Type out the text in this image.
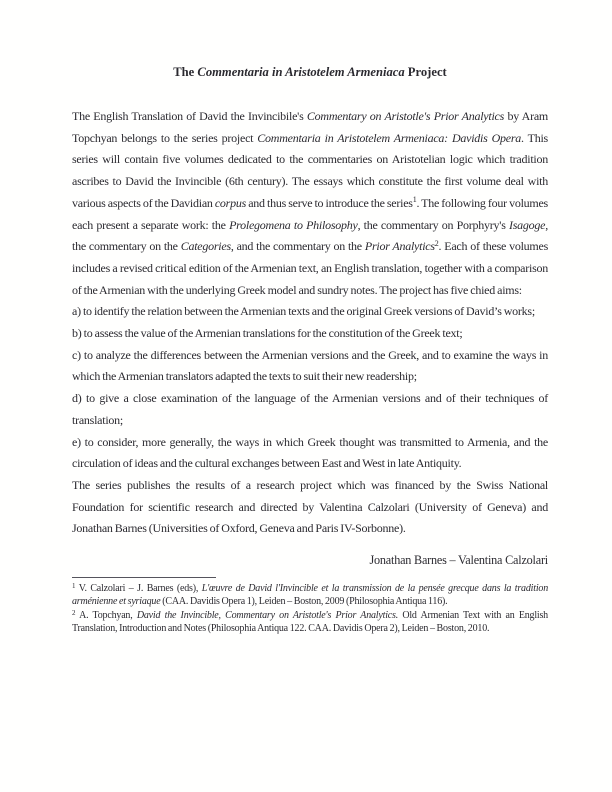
The Commentaria in Aristotelem Armeniaca Project

The English Translation of David the Invincibile's Commentary on Aristotle's Prior Analytics by Aram Topchyan belongs to the series project Commentaria in Aristotelem Armeniaca: Davidis Opera. This series will contain five volumes dedicated to the commentaries on Aristotelian logic which tradition ascribes to David the Invincible (6th century). The essays which constitute the first volume deal with various aspects of the Davidian corpus and thus serve to introduce the series$^1$. The following four volumes each present a separate work: the Prolegomena to Philosophy, the commentary on Porphyry's Isagoge, the commentary on the Categories, and the commentary on the Prior Analytics$^2$. Each of these volumes includes a revised critical edition of the Armenian text, an English translation, together with a comparison of the Armenian with the underlying Greek model and sundry notes. The project has five chied aims:

a) to identify the relation between the Armenian texts and the original Greek versions of David’s works;

b) to assess the value of the Armenian translations for the constitution of the Greek text;

c) to analyze the differences between the Armenian versions and the Greek, and to examine the ways in which the Armenian translators adapted the texts to suit their new readership;

d) to give a close examination of the language of the Armenian versions and of their techniques of translation;

e) to consider, more generally, the ways in which Greek thought was transmitted to Armenia, and the circulation of ideas and the cultural exchanges between East and West in late Antiquity.

The series publishes the results of a research project which was financed by the Swiss National Foundation for scientific research and directed by Valentina Calzolari (University of Geneva) and Jonathan Barnes (Universities of Oxford, Geneva and Paris IV-Sorbonne).

Jonathan Barnes – Valentina Calzolari

$^1$ V. Calzolari – J. Barnes (eds), L'œuvre de David l'Invincible et la transmission de la pensée grecque dans la tradition arménienne et syriaque (CAA. Davidis Opera 1), Leiden – Boston, 2009 (Philosophia Antiqua 116).

$^2$ A. Topchyan, David the Invincible, Commentary on Aristotle's Prior Analytics. Old Armenian Text with an English Translation, Introduction and Notes (Philosophia Antiqua 122. CAA. Davidis Opera 2), Leiden – Boston, 2010.
